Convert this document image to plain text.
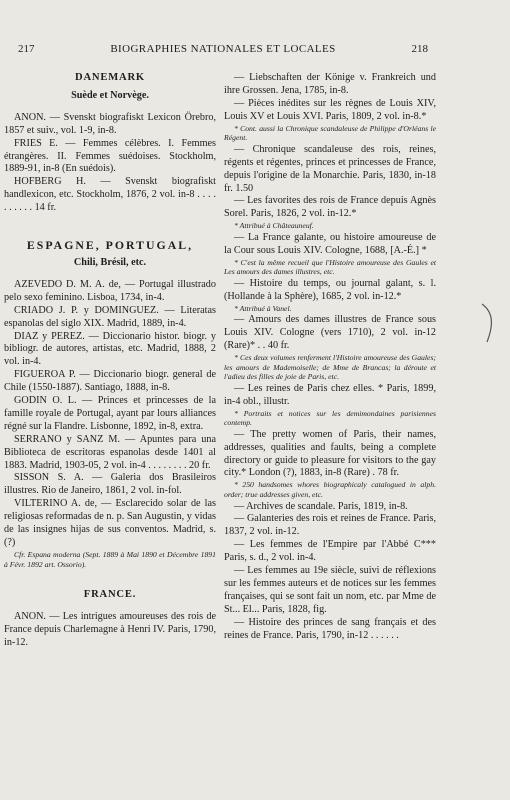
217	BIOGRAPHIES NATIONALES ET LOCALES	218
DANEMARK
Suède et Norvège.

ANON. — Svenskt biografiskt Lexicon Örebro, 1857 et suiv., vol. 1-9, in-8.

FRIES E. — Femmes célèbres. I. Femmes étrangères. II. Femmes suédoises. Stockholm, 1889-91, in-8 (En suédois).

HOFBERG H. — Svenskt biografiskt handlexicon, etc. Stockholm, 1876, 2 vol. in-8 . . . . . . . . . . 14 fr.

ESPAGNE, PORTUGAL,
Chili, Brésil, etc.

AZEVEDO D. M. A. de, — Portugal illustrado pelo sexo feminino. Lisboa, 1734, in-4.

CRIADO J. P. y DOMINGUEZ. — Literatas espanolas del siglo XIX. Madrid, 1889, in-4.

DIAZ y PEREZ. — Diccionario histor. biogr. y bibliogr. de autores, artistas, etc. Madrid, 1888, 2 vol. in-4.

FIGUEROA P. — Diccionario biogr. general de Chile (1550-1887). Santiago, 1888, in-8.

GODIN O. L. — Princes et princesses de la famille royale de Portugal, ayant par lours alliances régné sur la Flandre. Lisbonne, 1892, in-8, extra.

SERRANO y SANZ M. — Apuntes para una Biblioteca de escritoras espanolas desde 1401 al 1883. Madrid, 1903-05, 2 vol. in-4 . . . . . . . . 20 fr.

SISSON S. A. — Galeria dos Brasileiros illustres. Rio de Janeiro, 1861, 2 vol. in-fol.

VILTERINO A. de, — Esclarecido solar de las religiosas reformadas de n. p. San Augustin, y vidas de las insignes hijas de sus conventos. Madrid, s. (?)

Cfr. Espana moderna (Sept. 1889 à Mai 1890 et Décembre 1891 à Févr. 1892 art. Ossorio).

FRANCE.

ANON. — Les intrigues amoureuses des rois de France depuis Charlemagne à Henri IV. Paris, 1790, in-12.

— Liebschaften der Könige v. Frankreich und ihre Grossen. Jena, 1785, in-8.

— Pièces inédites sur les règnes de Louis XIV, Louis XV et Louis XVI. Paris, 1809, 2 vol. in-8.*

* Cont. aussi la Chronique scandaleuse de Philippe d'Orléans le Régent.

— Chronique scandaleuse des rois, reines, régents et régentes, princes et princesses de France, depuis l'origine de la Monarchie. Paris, 1830, in-18 fr. 1.50

— Les favorites des rois de France depuis Agnès Sorel. Paris, 1826, 2 vol. in-12.*

* Attribué à Châteauneuf.

— La France galante, ou histoire amoureuse de la Cour sous Louis XIV. Cologne, 1688, [A.-É.] *

* C'est la même recueil que l'Histoire amoureuse des Gaules et Les amours des dames illustres, etc.

— Histoire du temps, ou journal galant, s. l. (Hollande à la Sphère), 1685, 2 vol. in-12.*

* Attribué à Vanel.

— Amours des dames illustres de France sous Louis XIV. Cologne (vers 1710), 2 vol. in-12 (Rare)* . . 40 fr.

* Ces deux volumes renferment l'Histoire amoureuse des Gaules; les amours de Mademoiselle; de Mme de Brancas; la déroute et l'adieu des filles de joie de Paris, etc.

— Les reines de Paris chez elles. * Paris, 1899, in-4 obl., illustr.

* Portraits et notices sur les demimondaines parisiennes contemp.

— The pretty women of Paris, their names, addresses, qualities and faults, being a complete directory or guide to pleasure for visitors to the gay city.* London (?), 1883, in-8 (Rare) . 78 fr.

* 250 handsomes whores biographicaly catalogued in alph. order; true addresses given, etc.

— Archives de scandale. Paris, 1819, in-8.

— Galanteries des rois et reines de France. Paris, 1837, 2 vol. in-12.

— Les femmes de l'Empire par l'Abbé C*** Paris, s. d., 2 vol. in-4.

— Les femmes au 19e siècle, suivi de réflexions sur les femmes auteurs et de notices sur les femmes françaises, qui se sont fait un nom, etc. par Mme de St... El... Paris, 1828, fig.

— Histoire des princes de sang français et des reines de France. Paris, 1790, in-12 . . . . . .
